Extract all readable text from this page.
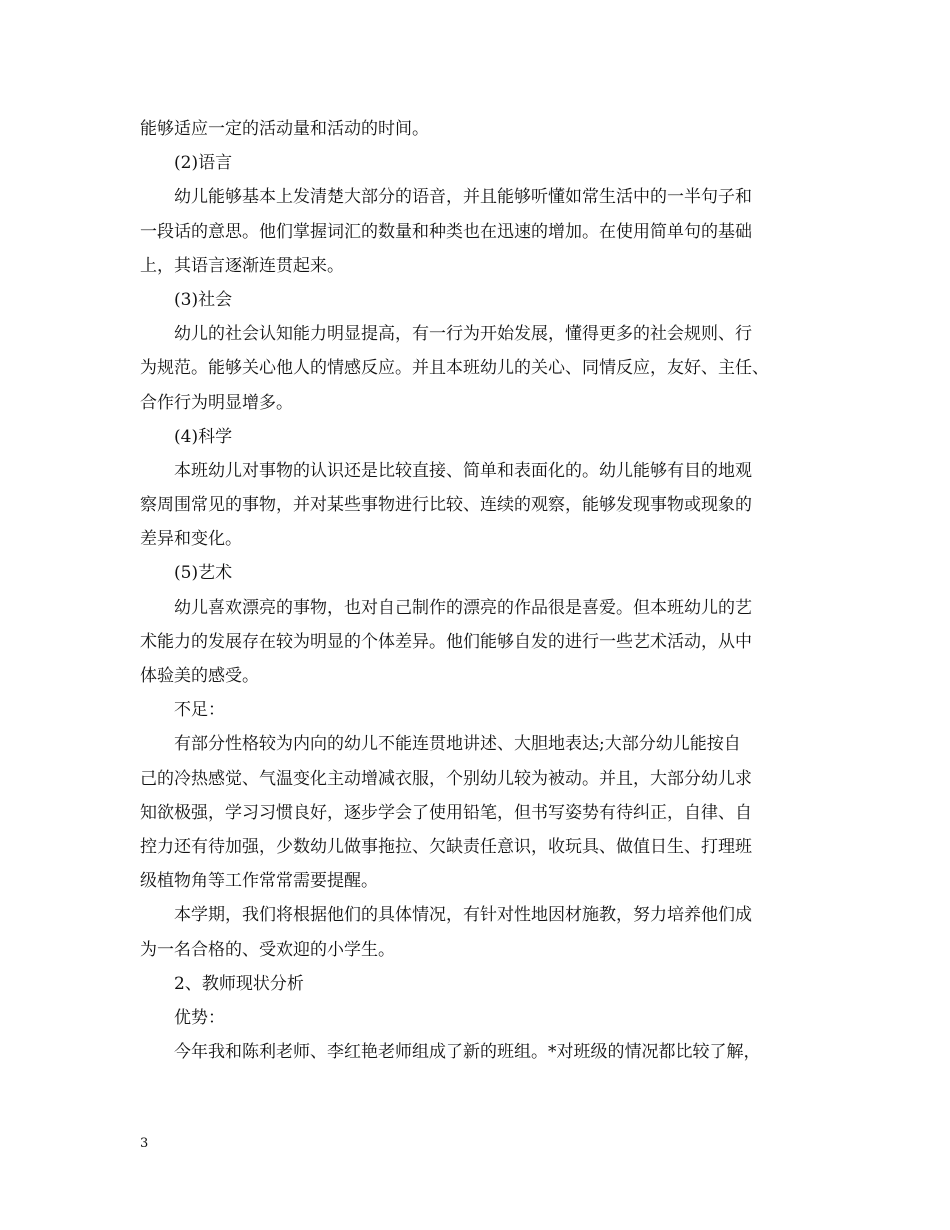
能够适应一定的活动量和活动的时间。
(2)语言
幼儿能够基本上发清楚大部分的语音，并且能够听懂如常生活中的一半句子和
一段话的意思。他们掌握词汇的数量和种类也在迅速的增加。在使用简单句的基础
上，其语言逐渐连贯起来。
(3)社会
幼儿的社会认知能力明显提高，有一行为开始发展，懂得更多的社会规则、行
为规范。能够关心他人的情感反应。并且本班幼儿的关心、同情反应，友好、主任、
合作行为明显增多。
(4)科学
本班幼儿对事物的认识还是比较直接、简单和表面化的。幼儿能够有目的地观
察周围常见的事物，并对某些事物进行比较、连续的观察，能够发现事物或现象的
差异和变化。
(5)艺术
幼儿喜欢漂亮的事物，也对自己制作的漂亮的作品很是喜爱。但本班幼儿的艺
术能力的发展存在较为明显的个体差异。他们能够自发的进行一些艺术活动，从中
体验美的感受。
不足：
有部分性格较为内向的幼儿不能连贯地讲述、大胆地表达;大部分幼儿能按自
己的冷热感觉、气温变化主动增减衣服，个别幼儿较为被动。并且，大部分幼儿求
知欲极强，学习习惯良好，逐步学会了使用铅笔，但书写姿势有待纠正，自律、自
控力还有待加强，少数幼儿做事拖拉、欠缺责任意识，收玩具、做值日生、打理班
级植物角等工作常常需要提醒。
本学期，我们将根据他们的具体情况，有针对性地因材施教，努力培养他们成
为一名合格的、受欢迎的小学生。
2、教师现状分析
优势：
今年我和陈利老师、李红艳老师组成了新的班组。*对班级的情况都比较了解，
3
